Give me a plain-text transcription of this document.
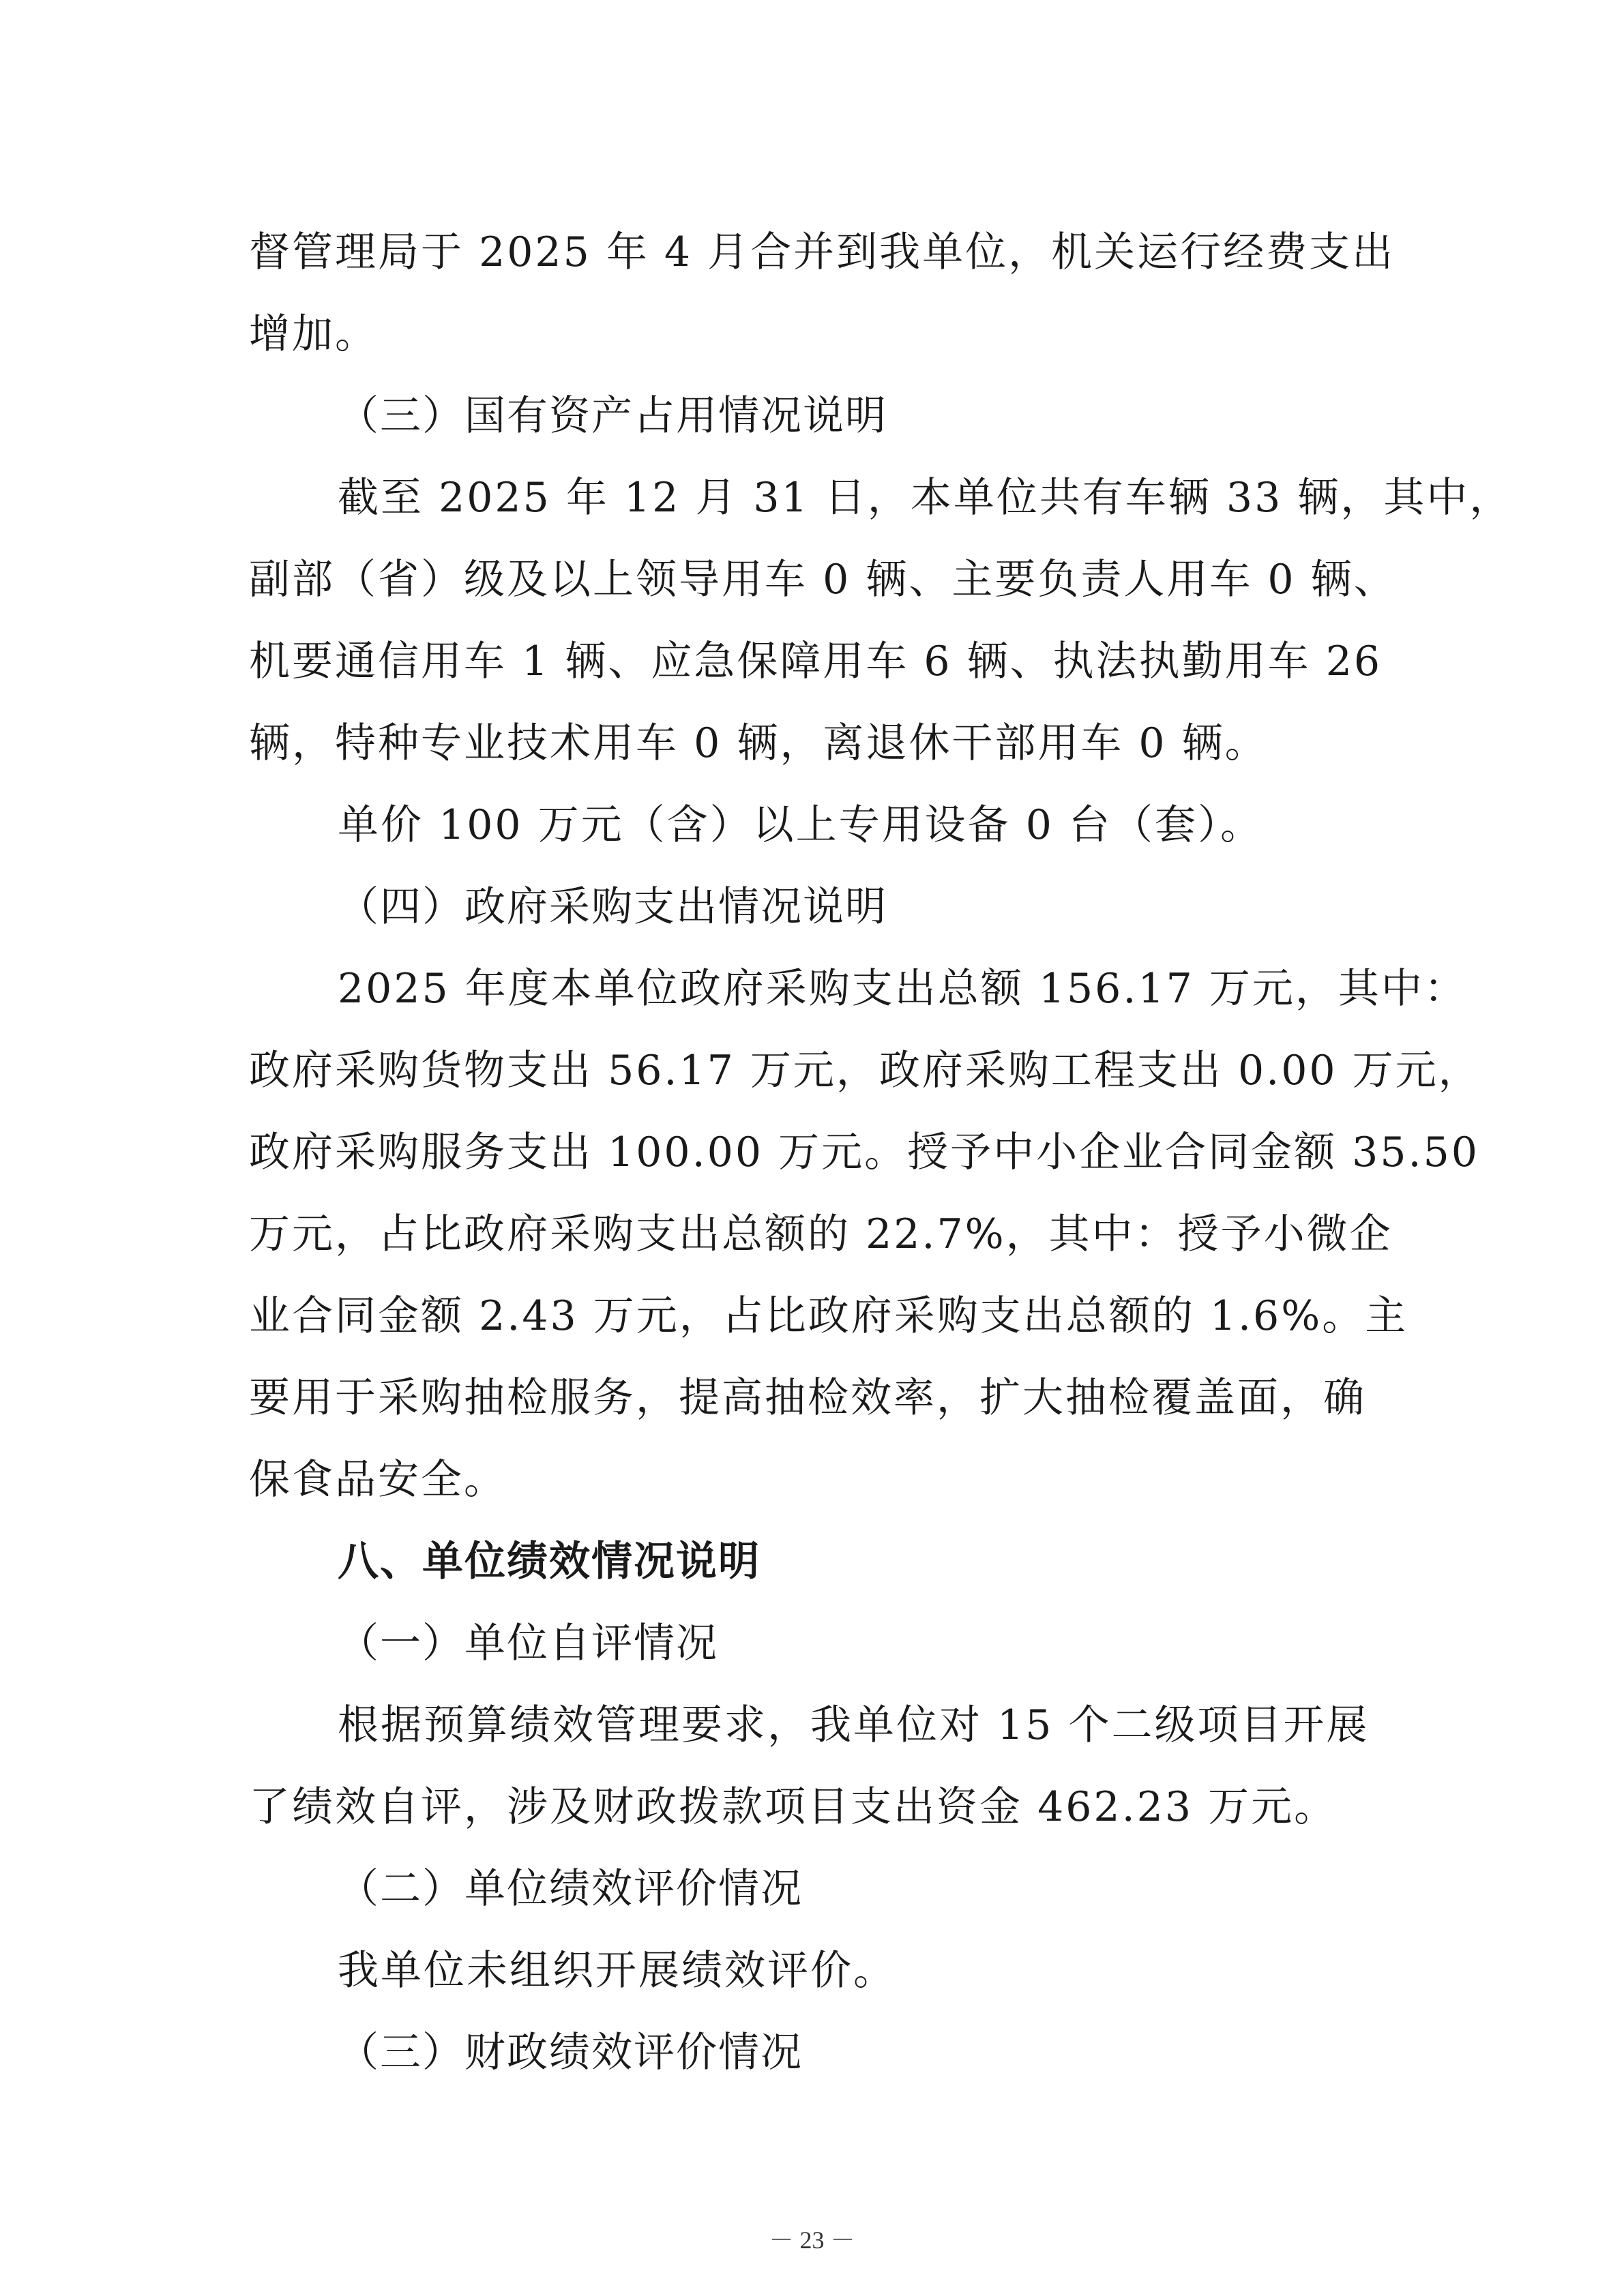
督管理局于 2025 年 4 月合并到我单位，机关运行经费支出
增加。
（三）国有资产占用情况说明
截至 2025 年 12 月 31 日，本单位共有车辆 33 辆，其中，
副部（省）级及以上领导用车 0 辆、主要负责人用车 0 辆、
机要通信用车 1 辆、应急保障用车 6 辆、执法执勤用车 26
辆，特种专业技术用车 0 辆，离退休干部用车 0 辆。
单价 100 万元（含）以上专用设备 0 台（套）。
（四）政府采购支出情况说明
2025 年度本单位政府采购支出总额 156.17 万元，其中：
政府采购货物支出 56.17 万元，政府采购工程支出 0.00 万元，
政府采购服务支出 100.00 万元。授予中小企业合同金额 35.50
万元，占比政府采购支出总额的 22.7%，其中：授予小微企
业合同金额 2.43 万元，占比政府采购支出总额的 1.6%。主
要用于采购抽检服务，提高抽检效率，扩大抽检覆盖面，确
保食品安全。
八、单位绩效情况说明
（一）单位自评情况
根据预算绩效管理要求，我单位对 15 个二级项目开展
了绩效自评，涉及财政拨款项目支出资金 462.23 万元。
（二）单位绩效评价情况
我单位未组织开展绩效评价。
（三）财政绩效评价情况
－ 23 －
